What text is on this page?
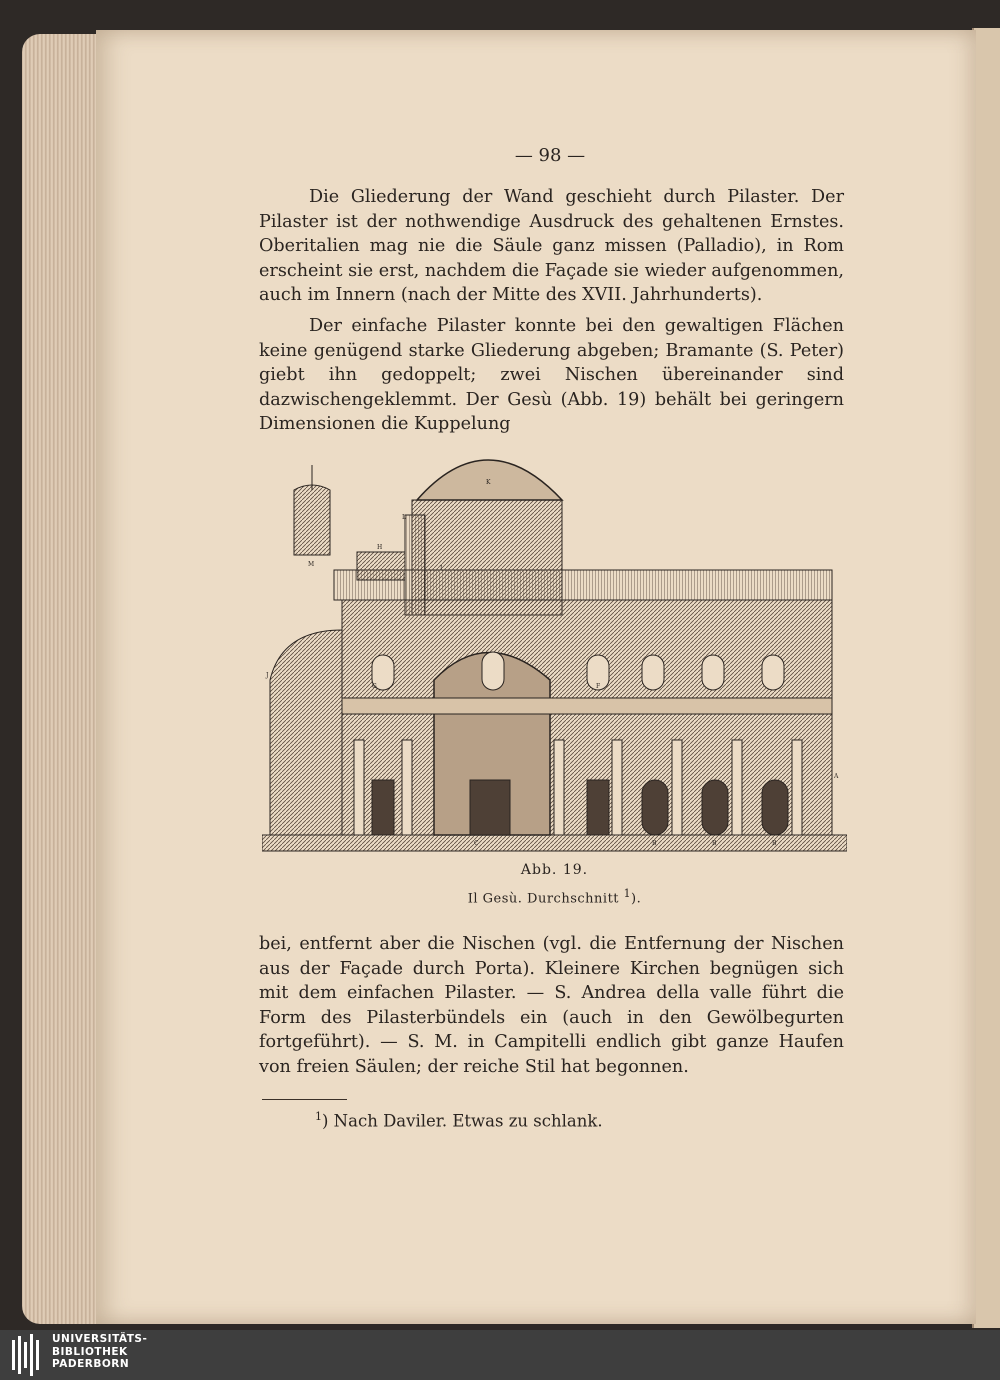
— 98 —

Die Gliederung der Wand geschieht durch Pilaster. Der Pilaster ist der nothwendige Ausdruck des gehaltenen Ernstes. Oberitalien mag nie die Säule ganz missen (Palladio), in Rom erscheint sie erst, nachdem die Façade sie wieder aufgenommen, auch im Innern (nach der Mitte des XVII. Jahrhunderts).

Der einfache Pilaster konnte bei den gewaltigen Flächen keine genügend starke Gliederung abgeben; Bramante (S. Peter) giebt ihn gedoppelt; zwei Nischen übereinander sind dazwischengeklemmt. Der Gesù (Abb. 19) behält bei geringern Dimensionen die Kuppelung

K
L
H
M
I
J
G	F
C	B	B	B
A
Abb. 19.
Il Gesù. Durchschnitt $^1$).

bei, entfernt aber die Nischen (vgl. die Entfernung der Nischen aus der Façade durch Porta). Kleinere Kirchen begnügen sich mit dem einfachen Pilaster. — S. Andrea della valle führt die Form des Pilasterbündels ein (auch in den Gewölbegurten fortgeführt). — S. M. in Campitelli endlich gibt ganze Haufen von freien Säulen; der reiche Stil hat begonnen.

$^1$) Nach Daviler. Etwas zu schlank.
UNIVERSITÄTS-
BIBLIOTHEK
PADERBORN
